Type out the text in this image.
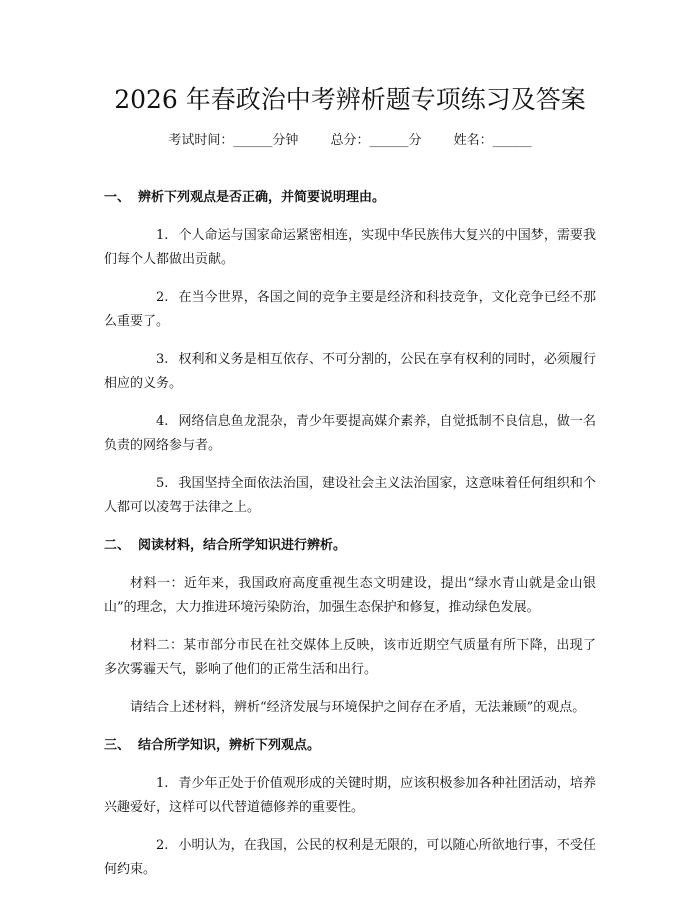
2026 年春政治中考辨析题专项练习及答案
考试时间：______分钟 总分：______分 姓名：______

一、 辨析下列观点是否正确，并简要说明理由。

1. 个人命运与国家命运紧密相连，实现中华民族伟大复兴的中国梦，需要我们每个人都做出贡献。

2. 在当今世界，各国之间的竞争主要是经济和科技竞争，文化竞争已经不那么重要了。

3. 权利和义务是相互依存、不可分割的，公民在享有权利的同时，必须履行相应的义务。

4. 网络信息鱼龙混杂，青少年要提高媒介素养，自觉抵制不良信息，做一名负责的网络参与者。

5. 我国坚持全面依法治国，建设社会主义法治国家，这意味着任何组织和个人都可以凌驾于法律之上。

二、 阅读材料，结合所学知识进行辨析。

材料一：近年来，我国政府高度重视生态文明建设，提出“绿水青山就是金山银山”的理念，大力推进环境污染防治，加强生态保护和修复，推动绿色发展。

材料二：某市部分市民在社交媒体上反映，该市近期空气质量有所下降，出现了多次雾霾天气，影响了他们的正常生活和出行。

请结合上述材料，辨析“经济发展与环境保护之间存在矛盾，无法兼顾”的观点。

三、 结合所学知识，辨析下列观点。

1. 青少年正处于价值观形成的关键时期，应该积极参加各种社团活动，培养兴趣爱好，这样可以代替道德修养的重要性。

2. 小明认为，在我国，公民的权利是无限的，可以随心所欲地行事，不受任何约束。
